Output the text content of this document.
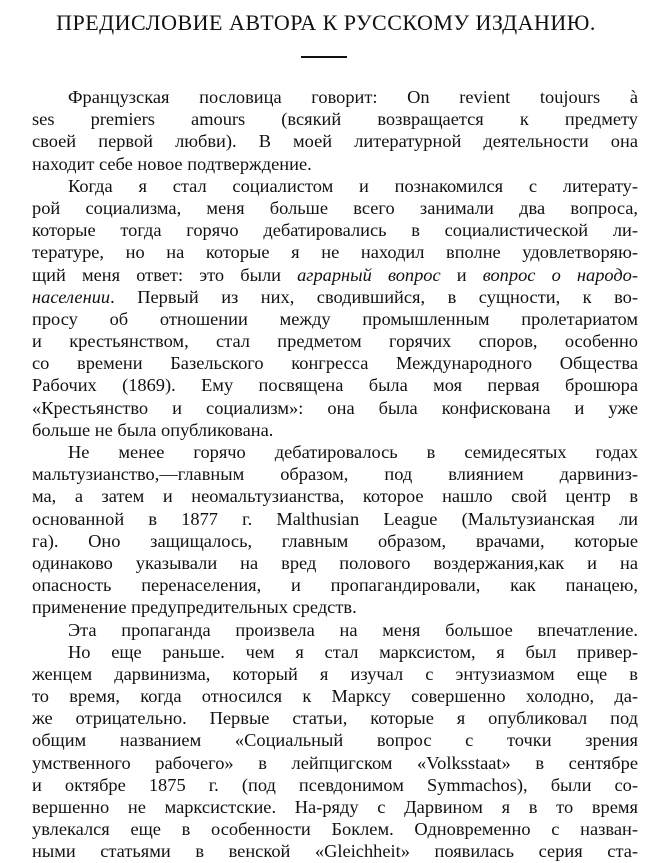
ПРЕДИСЛОВИЕ АВТОРА К РУССКОМУ ИЗДАНИЮ.
Французская пословица говорит: On revient toujours à
ses premiers amours (всякий возвращается к предмету
своей первой любви). В моей литературной деятельности она
находит себе новое подтверждение.
Когда я стал социалистом и познакомился с литерату-
рой социализма, меня больше всего занимали два вопроса,
которые тогда горячо дебатировались в социалистической ли-
тературе, но на которые я не находил вполне удовлетворяю-
щий меня ответ: это были аграрный вопрос и вопрос о народо-
населении. Первый из них, сводившийся, в сущности, к во-
просу об отношении между промышленным пролетариатом
и крестьянством, стал предметом горячих споров, особенно
со времени Базельского конгресса Международного Общества
Рабочих (1869). Ему посвящена была моя первая брошюра
«Крестьянство и социализм»: она была конфискована и уже
больше не была опубликована.
Не менее горячо дебатировалось в семидесятых годах
мальтузианство,—главным образом, под влиянием дарвиниз-
ма, а затем и неомальтузианства, которое нашло свой центр в
основанной в 1877 г. Malthusian League (Мальтузианская ли
га). Оно защищалось, главным образом, врачами, которые
одинаково указывали на вред полового воздержания,как и на
опасность перенаселения, и пропагандировали, как панацею,
применение предупредительных средств.
Эта пропаганда произвела на меня большое впечатление.
Но еще раньше. чем я стал марксистом, я был привер-
женцем дарвинизма, который я изучал с энтузиазмом еще в
то время, когда относился к Марксу совершенно холодно, да-
же отрицательно. Первые статьи, которые я опубликовал под
общим названием «Социальный вопрос с точки зрения
умственного рабочего» в лейпцигском «Volksstaat» в сентябре
и октябре 1875 г. (под псевдонимом Symmachos), были со-
вершенно не марксистские. На-ряду с Дарвином я в то время
увлекался еще в особенности Боклем. Одновременно с назван-
ными статьями в венской «Gleichheit» появилась серия ста-
